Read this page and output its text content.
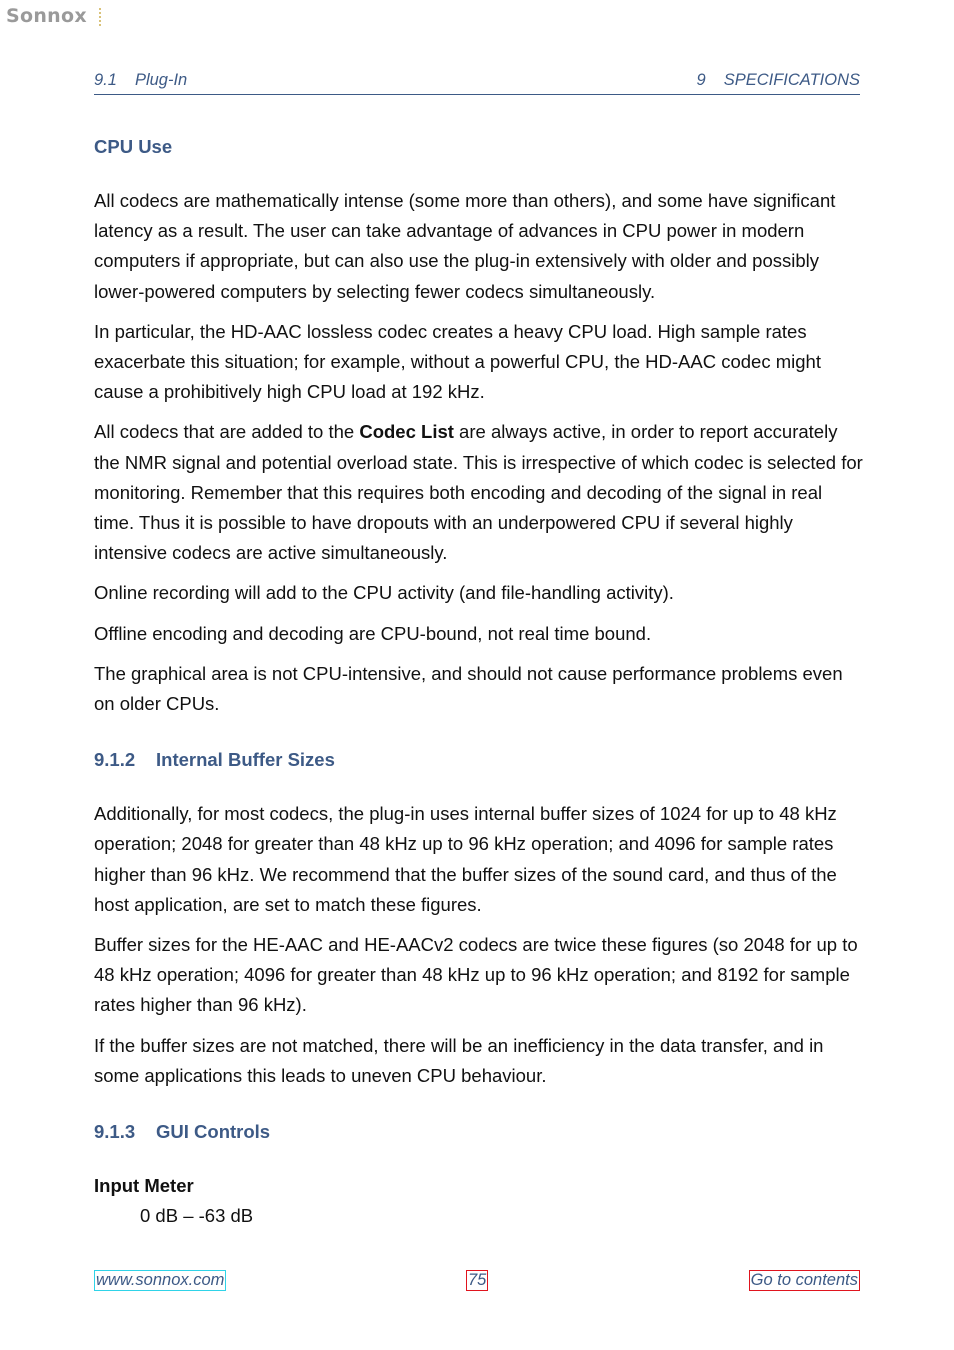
Sonnox
9.1 Plug-In	9 SPECIFICATIONS
CPU Use

All codecs are mathematically intense (some more than others), and some have significant latency as a result. The user can take advantage of advances in CPU power in modern computers if appropriate, but can also use the plug-in extensively with older and possibly lower-powered computers by selecting fewer codecs simultaneously.

In particular, the HD-AAC lossless codec creates a heavy CPU load. High sample rates exacerbate this situation; for example, without a powerful CPU, the HD-AAC codec might cause a prohibitively high CPU load at 192 kHz.

All codecs that are added to the Codec List are always active, in order to report accurately the NMR signal and potential overload state. This is irrespective of which codec is selected for monitoring. Remember that this requires both encoding and decoding of the signal in real time. Thus it is possible to have dropouts with an underpowered CPU if several highly intensive codecs are active simultaneously.

Online recording will add to the CPU activity (and file-handling activity).

Offline encoding and decoding are CPU-bound, not real time bound.

The graphical area is not CPU-intensive, and should not cause performance problems even on older CPUs.

9.1.2 Internal Buffer Sizes

Additionally, for most codecs, the plug-in uses internal buffer sizes of 1024 for up to 48 kHz operation; 2048 for greater than 48 kHz up to 96 kHz operation; and 4096 for sample rates higher than 96 kHz. We recommend that the buffer sizes of the sound card, and thus of the host application, are set to match these figures.

Buffer sizes for the HE-AAC and HE-AACv2 codecs are twice these figures (so 2048 for up to 48 kHz operation; 4096 for greater than 48 kHz up to 96 kHz operation; and 8192 for sample rates higher than 96 kHz).

If the buffer sizes are not matched, there will be an inefficiency in the data transfer, and in some applications this leads to uneven CPU behaviour.

9.1.3 GUI Controls
Input Meter
0 dB – -63 dB
www.sonnox.com	75	Go to contents
